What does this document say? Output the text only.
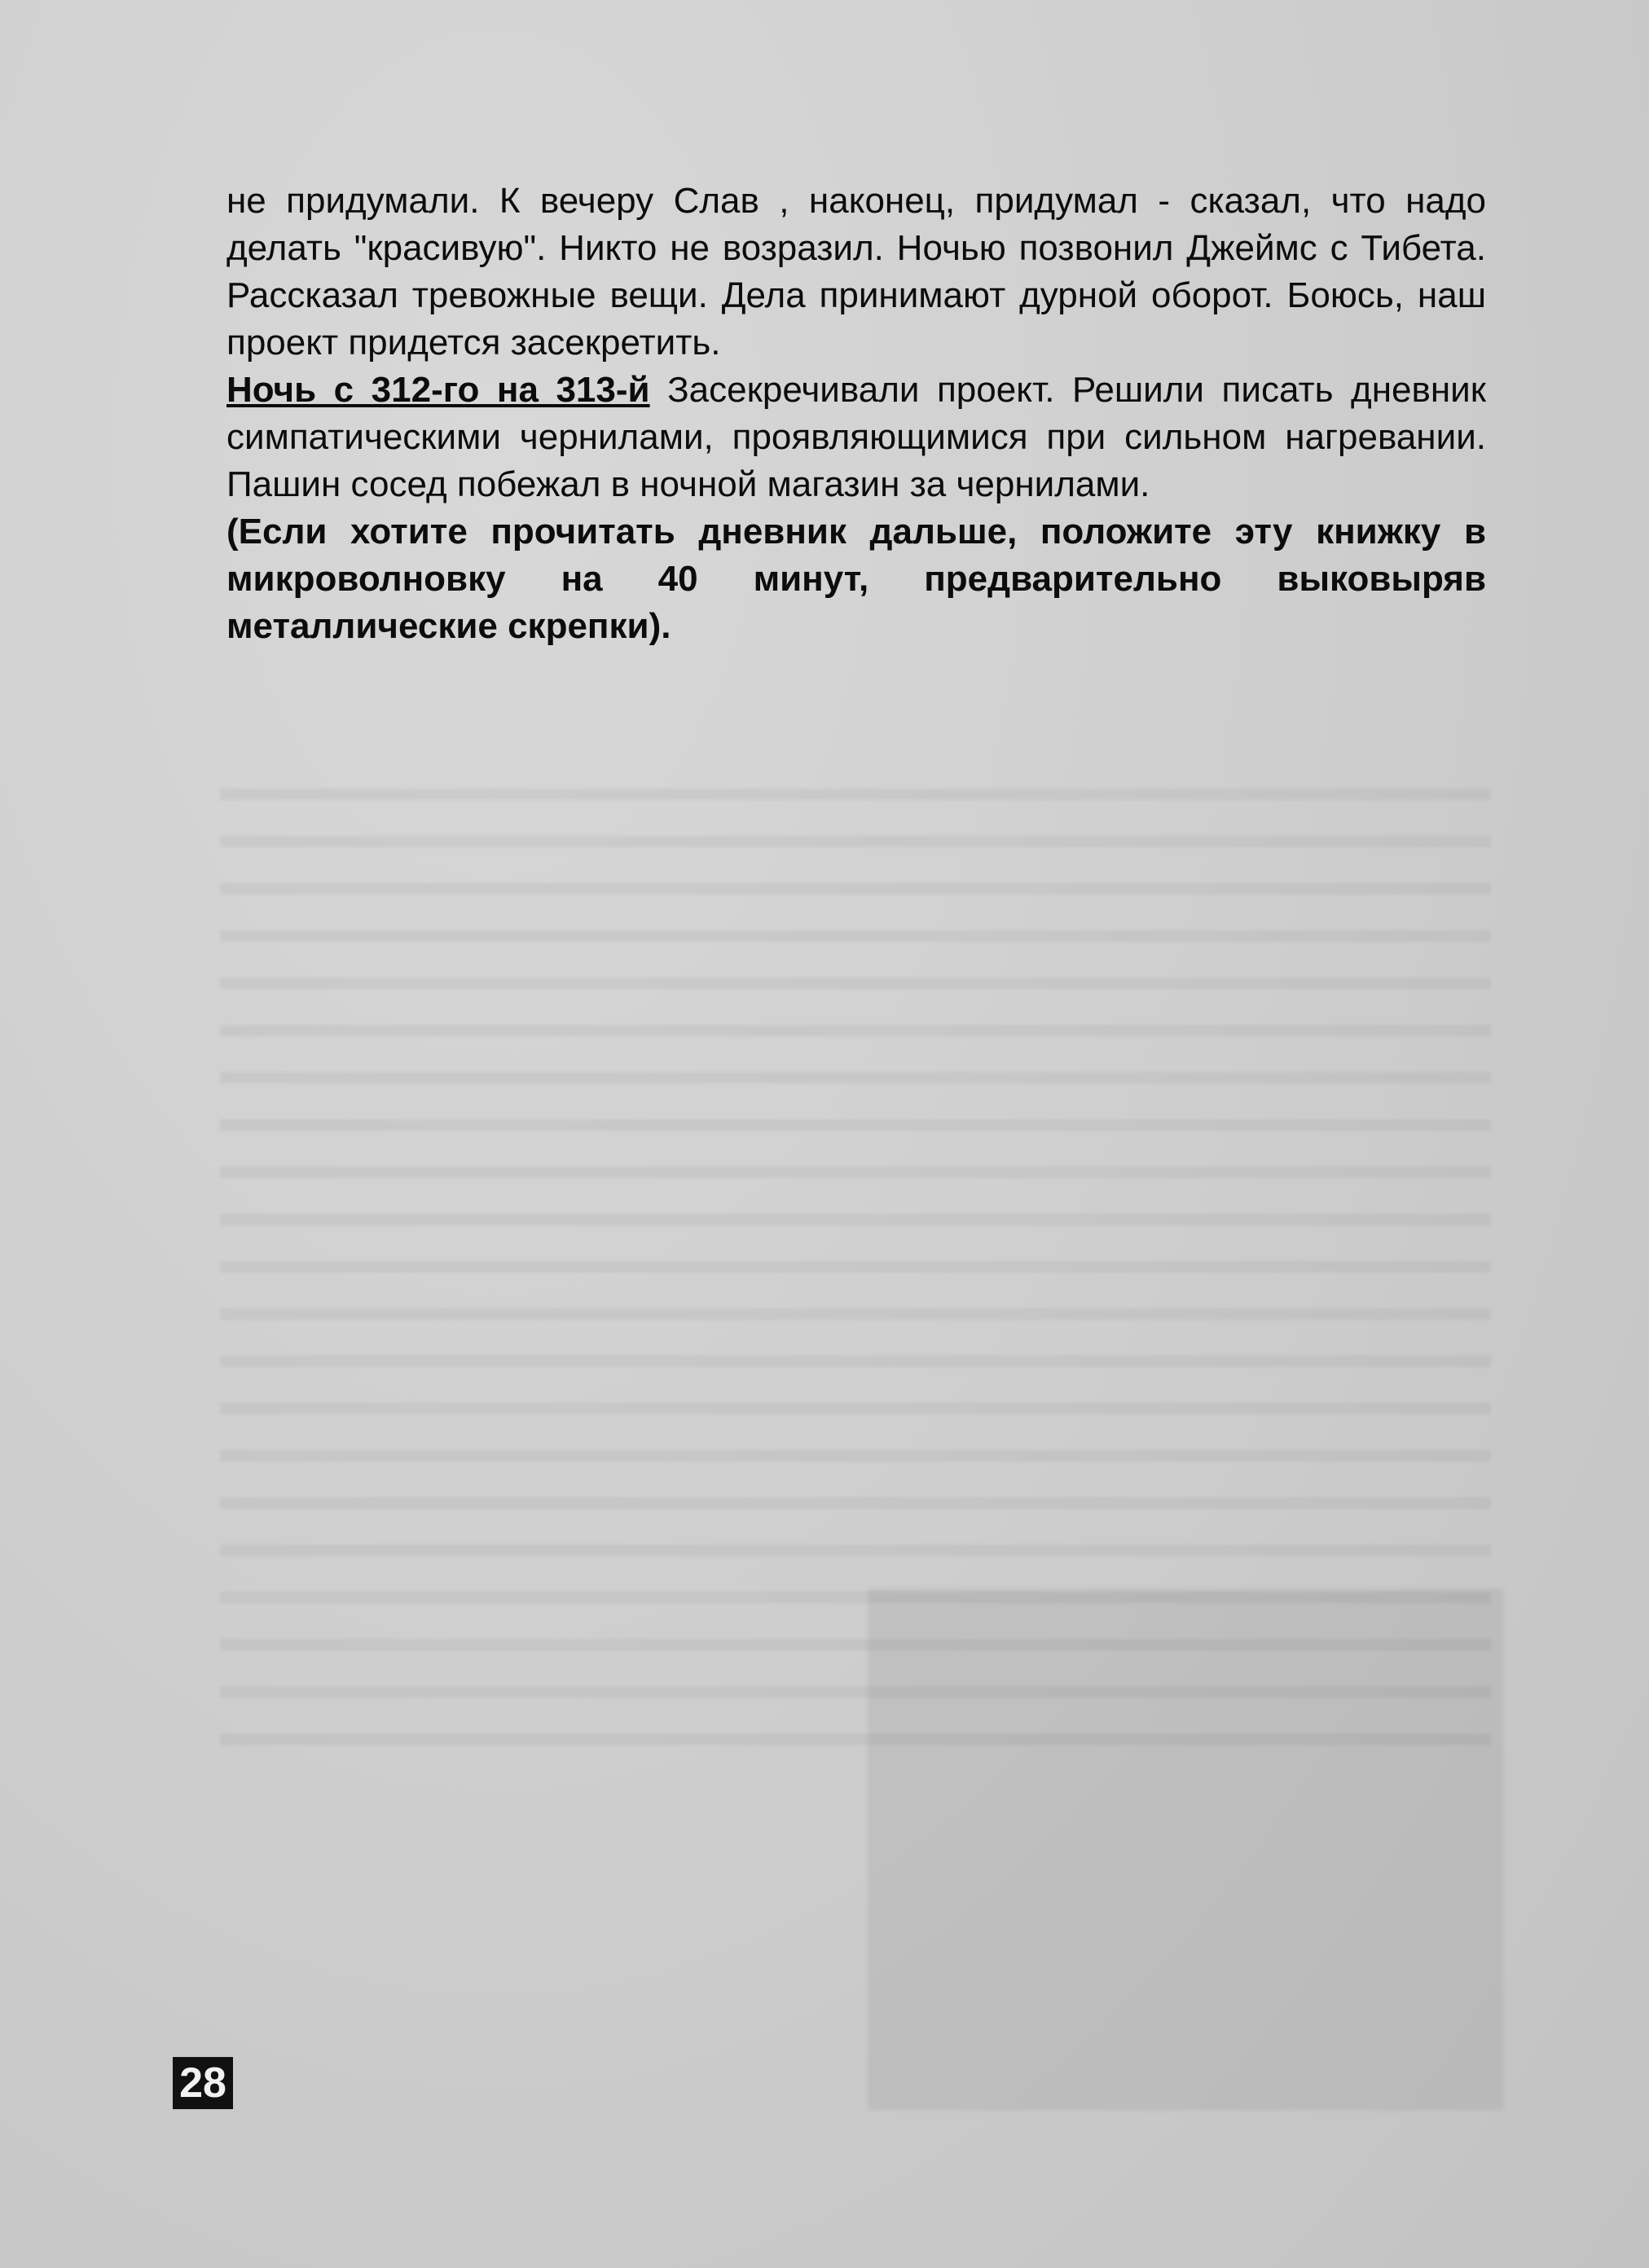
не придумали. К вечеру Слав , наконец, придумал - сказал, что надо делать "красивую". Никто не возразил. Ночью позвонил Джеймс с Тибета. Рассказал тревожные вещи. Дела принимают дурной оборот. Боюсь, наш проект придется засекретить.

Ночь с 312-го на 313-й Засекречивали проект. Решили писать дневник симпатическими чернилами, проявляющимися при сильном нагревании. Пашин сосед побежал в ночной магазин за чернилами.

(Если хотите прочитать дневник дальше, положите эту книжку в микроволновку на 40 минут, предварительно выковыряв металлические скрепки).

28
